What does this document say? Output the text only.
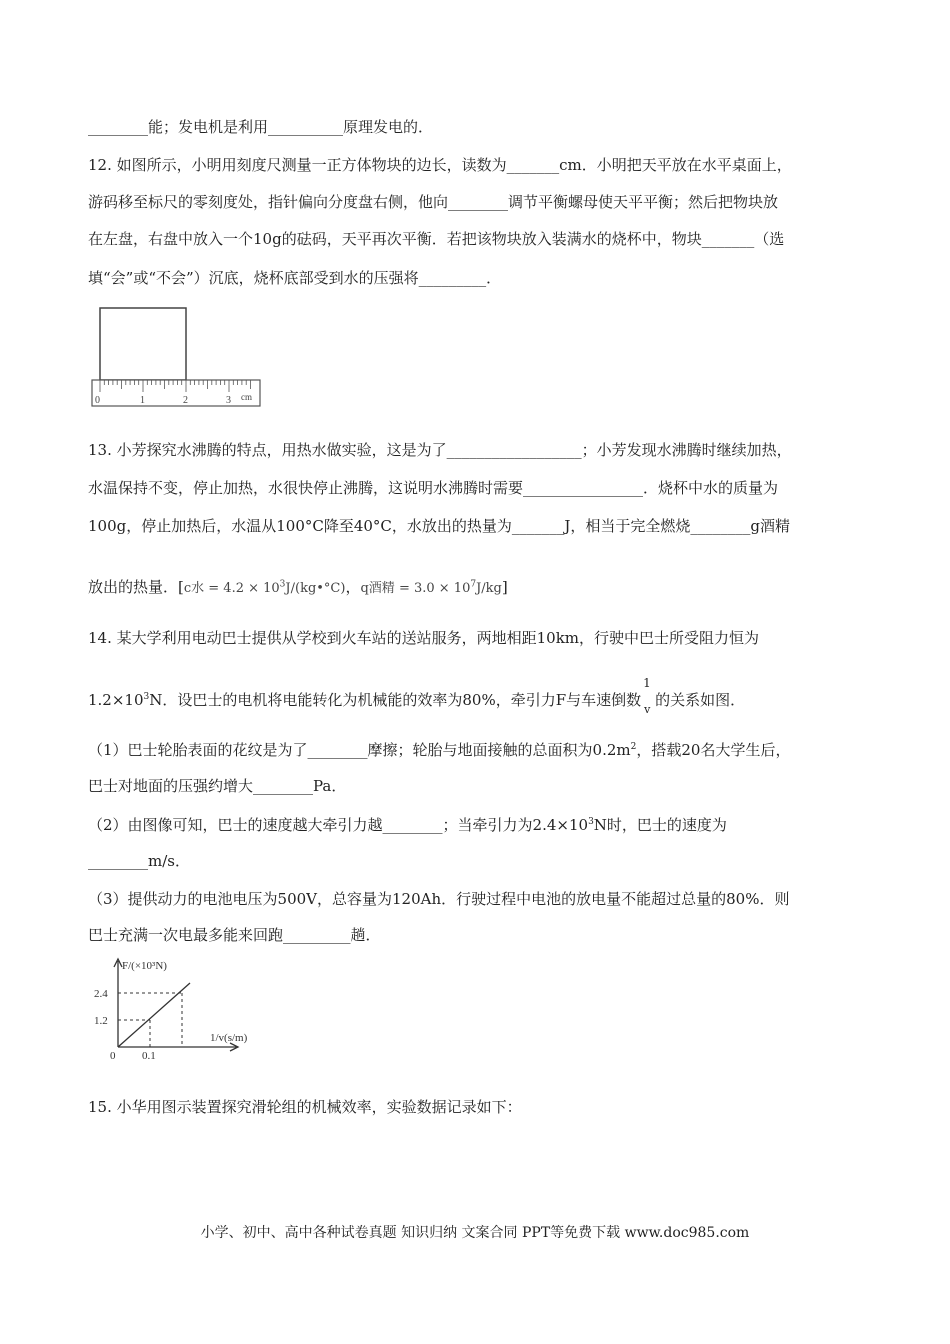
________能；发电机是利用__________原理发电的．
12. 如图所示，小明用刻度尺测量一正方体物块的边长，读数为_______cm．小明把天平放在水平桌面上，
游码移至标尺的零刻度处，指针偏向分度盘右侧，他向________调节平衡螺母使天平平衡；然后把物块放
在左盘，右盘中放入一个10g的砝码，天平再次平衡．若把该物块放入装满水的烧杯中，物块_______（选
填“会”或“不会”）沉底，烧杯底部受到水的压强将_________．
0	1	2	3 cm
13. 小芳探究水沸腾的特点，用热水做实验，这是为了__________________；小芳发现水沸腾时继续加热，
水温保持不变，停止加热，水很快停止沸腾，这说明水沸腾时需要________________．烧杯中水的质量为
100g，停止加热后，水温从100°C降至40°C，水放出的热量为_______J，相当于完全燃烧________g酒精
放出的热量．[c水 = $4.2 \times 10^3J/(kg•^\circ C)$，q酒精 = $3.0 \times 10^7J/kg$]
14. 某大学利用电动巴士提供从学校到火车站的送站服务，两地相距10km，行驶中巴士所受阻力恒为
$1.2\times 10^3N$．设巴士的电机将电能转化为机械能的效率为80%，牵引力F与车速倒数
1
v
的关系如图．
（1）巴士轮胎表面的花纹是为了________摩擦；轮胎与地面接触的总面积为$0.2m^2$，搭载20名大学生后，
巴士对地面的压强约增大________Pa．
（2）由图像可知，巴士的速度越大牵引力越________；当牵引力为$2.4\times 10^3N$时，巴士的速度为
________m/s．
（3）提供动力的电池电压为500V，总容量为120Ah．行驶过程中电池的放电量不能超过总量的80%．则
巴士充满一次电最多能来回跑_________趟．
F/(×10³N)
2.4
1.2
0 0.1
1/v(s/m)
15. 小华用图示装置探究滑轮组的机械效率，实验数据记录如下：
小学、初中、高中各种试卷真题 知识归纳 文案合同 PPT等免费下载 www.doc985.com
